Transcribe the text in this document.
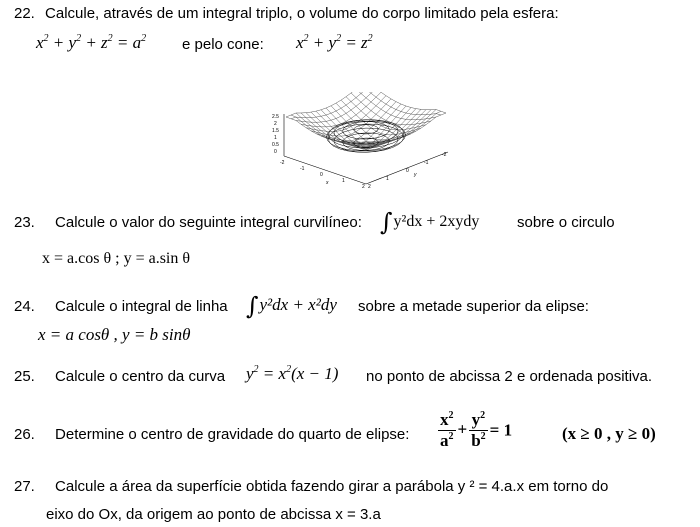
22. Calcule, através de um integral triplo, o volume do corpo limitado pela esfera:
$x^2 + y^2 + z^2 = a^2$ e pelo cone: $x^2 + y^2 = z^2$
2.5
2
1.5
1
0.5
0
-2
-1
0
1
2 2
1
0
-1
-2
x
y
23. Calcule o valor do seguinte integral curvilíneo: ∫y²dx + 2xydy	sobre o circulo
x = a.cos θ ; y = a.sin θ
24. Calcule o integral de linha ∫y²dx + x²dy sobre a metade superior da elipse:
x = a cosθ , y = b sinθ
25. Calcule o centro da curva $y^2 = x^2(x - 1)$ no ponto de abcissa 2 e ordenada positiva.
26. Determine o centro de gravidade do quarto de elipse: $\frac{x^2}{a^2} + \frac{y^2}{b^2} = 1$	(x ≥ 0 , y ≥ 0)
27. Calcule a área da superfície obtida fazendo girar a parábola y ² = 4.a.x em torno do
eixo do Ox, da origem ao ponto de abcissa x = 3.a
